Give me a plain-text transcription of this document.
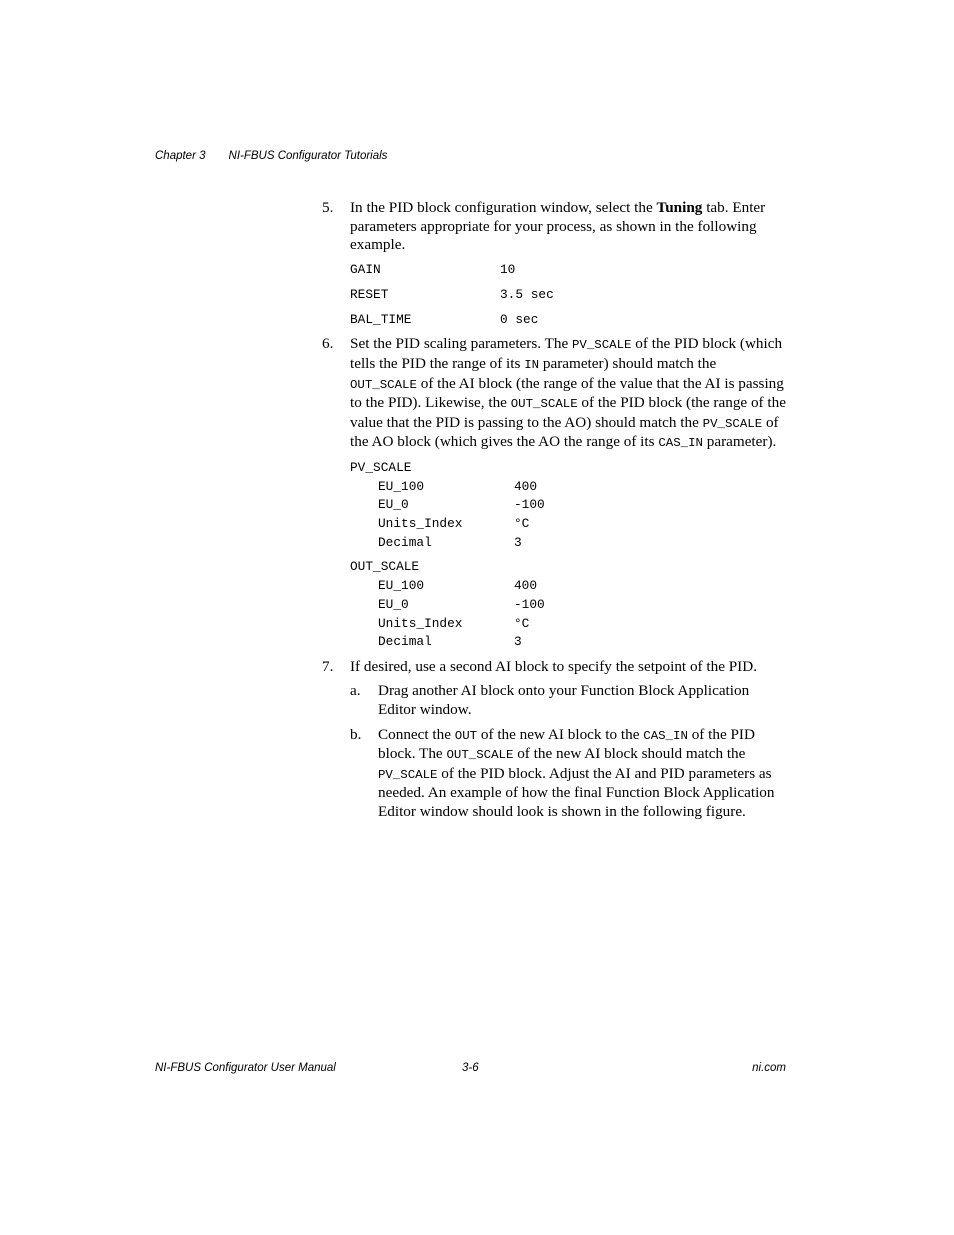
Chapter 3 NI-FBUS Configurator Tutorials
5. In the PID block configuration window, select the Tuning tab. Enter parameters appropriate for your process, as shown in the following example.
GAIN	10
RESET	3.5 sec
BAL_TIME	0 sec
6. Set the PID scaling parameters. The PV_SCALE of the PID block (which tells the PID the range of its IN parameter) should match the OUT_SCALE of the AI block (the range of the value that the AI is passing to the PID). Likewise, the OUT_SCALE of the PID block (the range of the value that the PID is passing to the AO) should match the PV_SCALE of the AO block (which gives the AO the range of its CAS_IN parameter).
PV_SCALE
EU_100	400
EU_0	-100
Units_Index	°C
Decimal	3
OUT_SCALE
EU_100	400
EU_0	-100
Units_Index	°C
Decimal	3
7. If desired, use a second AI block to specify the setpoint of the PID.
a. Drag another AI block onto your Function Block Application Editor window.
b. Connect the OUT of the new AI block to the CAS_IN of the PID block. The OUT_SCALE of the new AI block should match the PV_SCALE of the PID block. Adjust the AI and PID parameters as needed. An example of how the final Function Block Application Editor window should look is shown in the following figure.
NI-FBUS Configurator User Manual	3-6	ni.com
